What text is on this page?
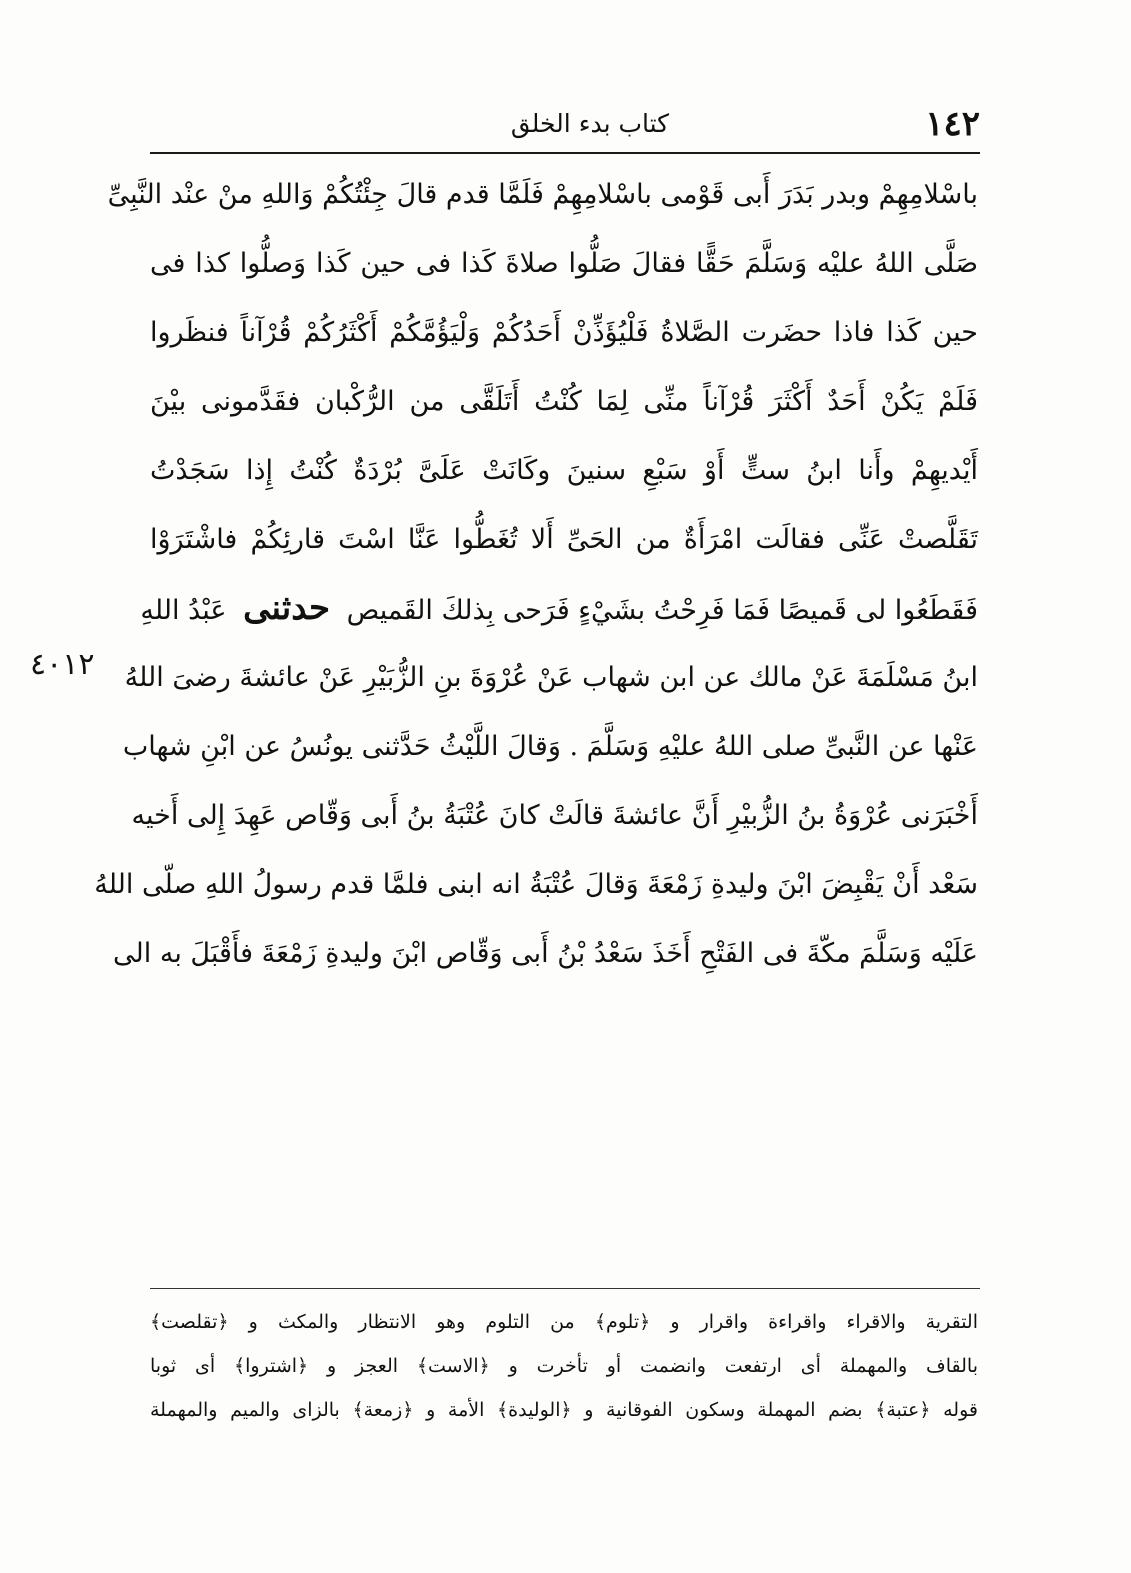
١٤٢
كتاب بدء الخلق
٤٠١٢
باسْلامِهِمْ وبدر بَدَرَ أَبى قَوْمى باسْلامِهِمْ فَلَمَّا قدم قالَ جِئْتُكُمْ وَاللهِ منْ عنْد النَّبِىِّ
صَلَّى اللهُ عليْه وَسَلَّمَ حَقًّا فقالَ صَلُّوا صلاةَ كَذا فى حين كَذا وَصلُّوا كذا فى
حين كَذا فاذا حضَرت الصَّلاةُ فَلْيُؤَذِّنْ أَحَدُكُمْ وَلْيَؤُمَّكُمْ أَكْثَرُكُمْ قُرْآناً فنظَروا
فَلَمْ يَكُنْ أَحَدٌ أَكْثَرَ قُرْآناً منِّى لِمَا كُنْتُ أَتَلَقَّى من الرُّكْبان فقَدَّمونى بيْنَ
أَيْديهِمْ وأَنا ابنُ ستٍّ أَوْ سَبْعِ سنينَ وكَانَتْ عَلَىَّ بُرْدَةٌ كُنْتُ إِذا سَجَدْتُ
تَقَلَّصتْ عَنِّى فقالَت امْرَأَةٌ من الحَىِّ أَلا تُغَطُّوا عَنَّا اسْتَ قارئِكُمْ فاشْتَرَوْا
فَقَطَعُوا لى قَميصًا فَمَا فَرِحْتُ بشَيْءٍ فَرَحى بِذلكَ القَميص حدثنى عَبْدُ اللهِ
ابنُ مَسْلَمَةَ عَنْ مالك عن ابن شهاب عَنْ عُرْوَةَ بنِ الزُّبَيْرِ عَنْ عائشةَ رضىَ اللهُ
عَنْها عن النَّبىِّ صلى اللهُ عليْهِ وَسَلَّمَ . وَقالَ اللَّيْثُ حَدَّثنى يونُسُ عن ابْنِ شهاب
أَخْبَرَنى عُرْوَةُ بنُ الزُّبيْرِ أَنَّ عائشةَ قالَتْ كانَ عُتْبَةُ بنُ أَبى وَقّاص عَهِدَ إِلى أَخيه
سَعْد أَنْ يَقْبِضَ ابْنَ وليدةِ زَمْعَةَ وَقالَ عُتْبَةُ انه ابنى فلمَّا قدم رسولُ اللهِ صلّى اللهُ
عَلَيْه وَسَلَّمَ مكّةَ فى الفَتْحِ أَخَذَ سَعْدُ بْنُ أَبى وَقّاص ابْنَ وليدةِ زَمْعَةَ فأَقْبَلَ به الى
التقرية والاقراء واقراءة واقرار و ﴿تلوم﴾ من التلوم وهو الانتظار والمكث و ﴿تقلصت﴾
بالقاف والمهملة أى ارتفعت وانضمت أو تأخرت و ﴿الاست﴾ العجز و ﴿اشتروا﴾ أى ثوبا
قوله ﴿عتبة﴾ بضم المهملة وسكون الفوقانية و ﴿الوليدة﴾ الأمة و ﴿زمعة﴾ بالزاى والميم والمهملة
